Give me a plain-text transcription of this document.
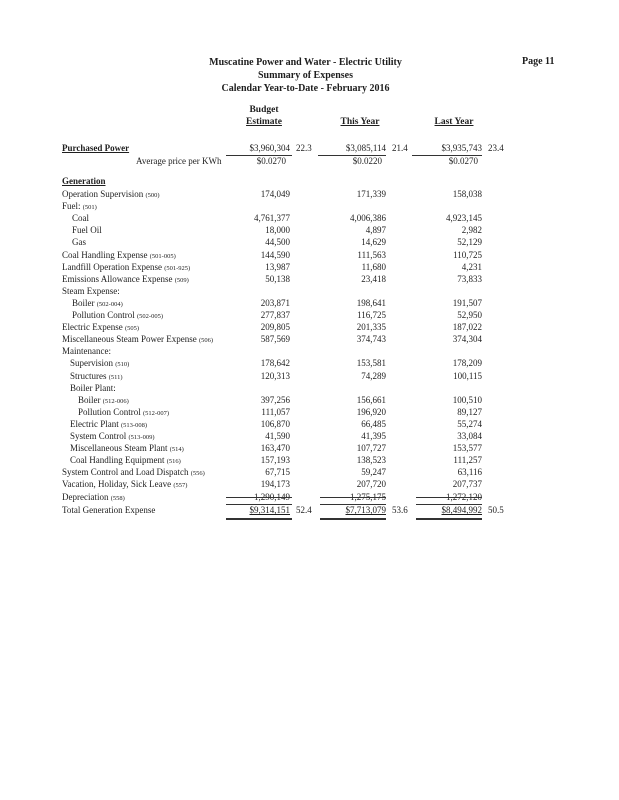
Muscatine Power and Water - Electric Utility
Summary of Expenses
Calendar Year-to-Date - February 2016
Page 11
Budget
Estimate	This Year	Last Year
Purchased Power	$3,960,304 22.3	$3,085,114 21.4	$3,935,743 23.4
Average price per KWh	$0.0270	$0.0220	$0.0270
Generation
Operation Supervision (500)	174,049	171,339	158,038
Fuel: (501)
Coal	4,761,377	4,006,386	4,923,145
Fuel Oil	18,000	4,897	2,982
Gas	44,500	14,629	52,129
Coal Handling Expense (501-005)	144,590	111,563	110,725
Landfill Operation Expense (501-925)	13,987	11,680	4,231
Emissions Allowance Expense (509)	50,138	23,418	73,833
Steam Expense:
Boiler (502-004)	203,871	198,641	191,507
Pollution Control (502-005)	277,837	116,725	52,950
Electric Expense (505)	209,805	201,335	187,022
Miscellaneous Steam Power Expense (506)	587,569	374,743	374,304
Maintenance:
Supervision (510)	178,642	153,581	178,209
Structures (511)	120,313	74,289	100,115
Boiler Plant:
Boiler (512-006)	397,256	156,661	100,510
Pollution Control (512-007)	111,057	196,920	89,127
Electric Plant (513-008)	106,870	66,485	55,274
System Control (513-009)	41,590	41,395	33,084
Miscellaneous Steam Plant (514)	163,470	107,727	153,577
Coal Handling Equipment (516)	157,193	138,523	111,257
System Control and Load Dispatch (556)	67,715	59,247	63,116
Vacation, Holiday, Sick Leave (557)	194,173	207,720	207,737
Depreciation (558)	1,290,149	1,275,175	1,272,120
Total Generation Expense	$9,314,151 52.4	$7,713,079 53.6	$8,494,992 50.5
